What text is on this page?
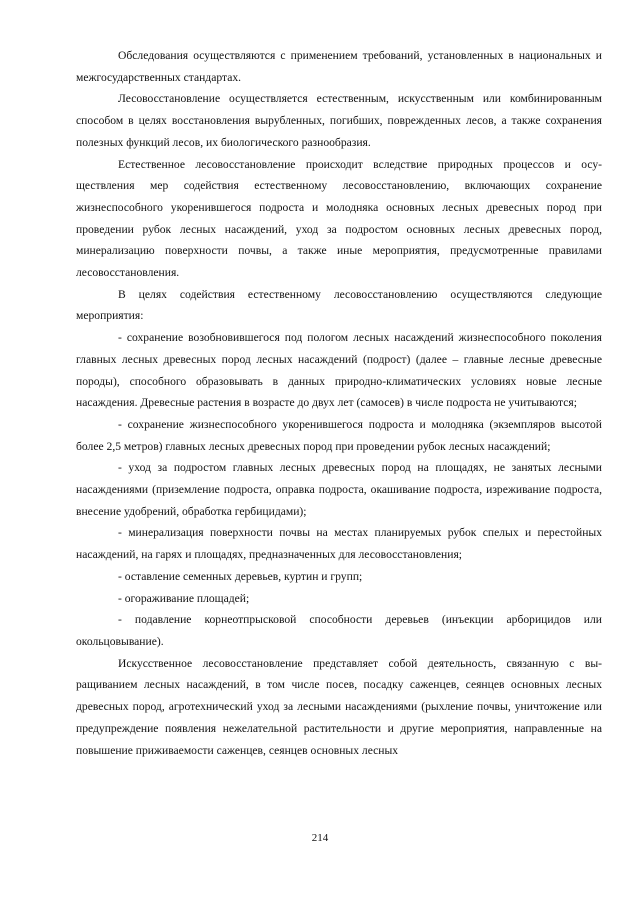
Обследования осуществляются с применением требований, установленных в национальных и межгосударственных стандартах.

Лесовосстановление осуществляется естественным, искусственным или комбинированным способом в целях восстановления вырубленных, погибших, поврежденных лесов, а также сохранения полезных функций лесов, их биологического разнообразия.

Естественное лесовосстановление происходит вследствие природных процессов и осуществления мер содействия естественному лесовосстановлению, включающих сохранение жизнеспособного укоренившегося подроста и молодняка основных лесных древесных пород при проведении рубок лесных насаждений, уход за подростом основных лесных древесных пород, минерализацию поверхности почвы, а также иные мероприятия, предусмотренные правилами лесовосстановления.

В целях содействия естественному лесовосстановлению осуществляются следующие мероприятия:

- сохранение возобновившегося под пологом лесных насаждений жизнеспособного поколения главных лесных древесных пород лесных насаждений (подрост) (далее – главные лесные древесные породы), способного образовывать в данных природно-климатических условиях новые лесные насаждения. Древесные растения в возрасте до двух лет (самосев) в числе подроста не учитываются;

- сохранение жизнеспособного укоренившегося подроста и молодняка (экземпляров высотой более 2,5 метров) главных лесных древесных пород при проведении рубок лесных насаждений;

- уход за подростом главных лесных древесных пород на площадях, не занятых лесными насаждениями (приземление подроста, оправка подроста, окашивание подроста, изреживание подроста, внесение удобрений, обработка гербицидами);

- минерализация поверхности почвы на местах планируемых рубок спелых и перестойных насаждений, на гарях и площадях, предназначенных для лесовосстановления;

- оставление семенных деревьев, куртин и групп;

- огораживание площадей;

- подавление корнеотпрысковой способности деревьев (инъекции арборицидов или окольцовывание).

Искусственное лесовосстановление представляет собой деятельность, связанную с выращиванием лесных насаждений, в том числе посев, посадку саженцев, сеянцев основных лесных древесных пород, агротехнический уход за лесными насаждениями (рыхление почвы, уничтожение или предупреждение появления нежелательной растительности и другие мероприятия, направленные на повышение приживаемости саженцев, сеянцев основных лесных

214
